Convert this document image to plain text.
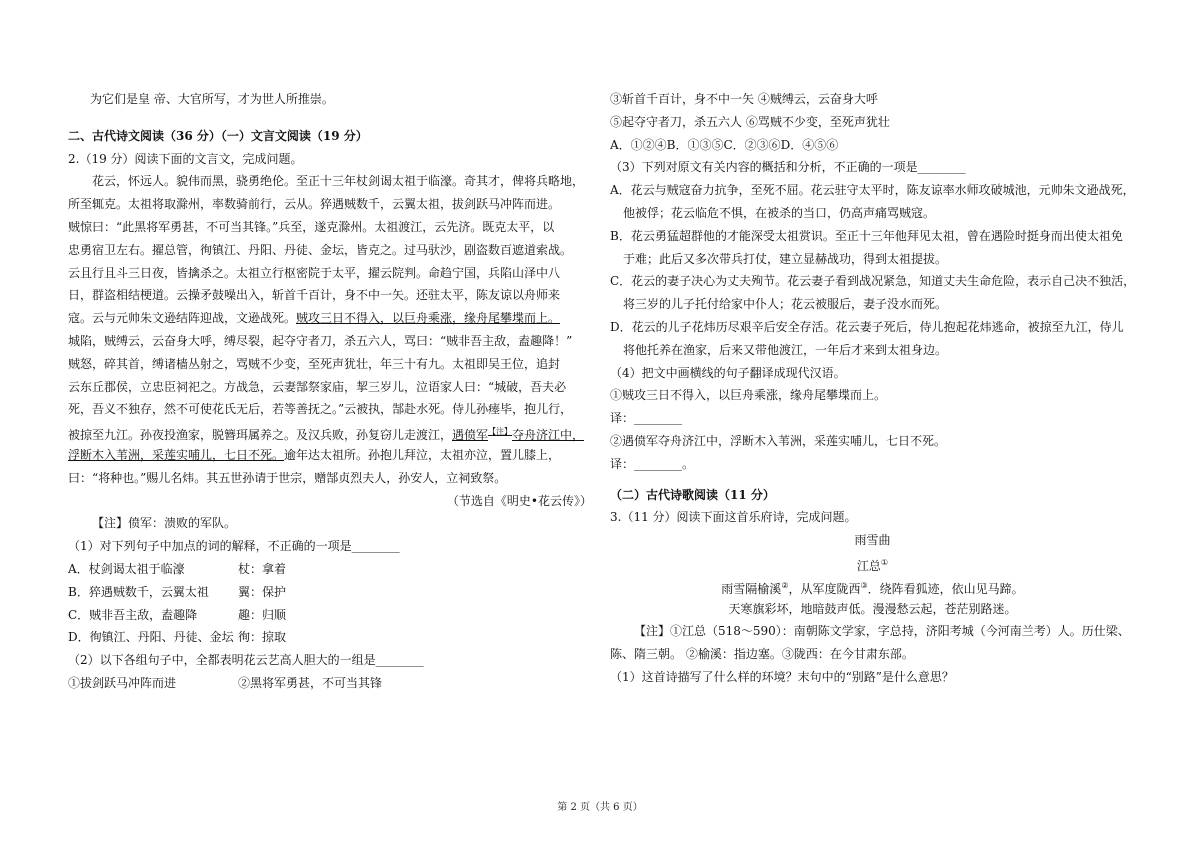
为它们是皇 帝、大官所写，才为世人所推崇。
二、古代诗文阅读（36 分）（一）文言文阅读（19 分）
2.（19 分）阅读下面的文言文，完成问题。
花云，怀远人。貌伟而黑，骁勇绝伦。至正十三年杖剑谒太祖于临濠。奇其才，俾将兵略地，
所至辄克。太祖将取滁州，率数骑前行，云从。猝遇贼数千，云翼太祖，拔剑跃马冲阵而进。
贼惊曰：“此黑将军勇甚，不可当其锋。”兵至，遂克滁州。太祖渡江，云先济。既克太平，以
忠勇宿卫左右。擢总管，徇镇江、丹阳、丹徒、金坛，皆克之。过马驮沙，剧盗数百遮道索战。
云且行且斗三日夜，皆擒杀之。太祖立行枢密院于太平，擢云院判。命趋宁国，兵陷山泽中八
日，群盗相结梗道。云操矛鼓噪出入，斩首千百计，身不中一矢。还驻太平，陈友谅以舟师来
寇。云与元帅朱文逊结阵迎战，文逊战死。贼攻三日不得入，以巨舟乘涨，缘舟尾攀堞而上。
城陷，贼缚云，云奋身大呼，缚尽裂，起夺守者刀，杀五六人，骂曰：“贼非吾主敌，盍趣降！”
贼怒，碎其首，缚诸樯丛射之，骂贼不少变，至死声犹壮，年三十有九。太祖即吴王位，追封
云东丘郡侯，立忠臣祠祀之。方战急，云妻郜祭家庙，挈三岁儿，泣语家人曰：“城破，吾夫必
死，吾义不独存，然不可使花氏无后，若等善抚之。”云被执，郜赴水死。侍儿孙瘗毕，抱儿行，
被掠至九江。孙夜投渔家，脱簪珥属养之。及汉兵败，孙复窃儿走渡江，遇偾军$^{【注】}$夺舟济江中，
浮断木入苇洲，采莲实哺儿，七日不死。逾年达太祖所。孙抱儿拜泣，太祖亦泣，置儿膝上，
曰：“将种也。”赐儿名炜。其五世孙请于世宗，赠郜贞烈夫人，孙安人，立祠致祭。
（节选自《明史•花云传》）
【注】偾军：溃败的军队。
（1）对下列句子中加点的词的解释，不正确的一项是________
A．杖剑谒太祖于临濠	杖：拿着
B．猝遇贼数千，云翼太祖 翼：保护
C．贼非吾主敌，盍趣降	趣：归顺
D．徇镇江、丹阳、丹徒、金坛 徇：掠取
（2）以下各组句子中，全都表明花云艺高人胆大的一组是________
①拔剑跃马冲阵而进	②黑将军勇甚，不可当其锋
③斩首千百计，身不中一矢 ④贼缚云，云奋身大呼
⑤起夺守者刀，杀五六人 ⑥骂贼不少变，至死声犹壮
A．①②④B．①③⑤C．②③⑥D．④⑤⑥
（3）下列对原文有关内容的概括和分析，不正确的一项是________
A．花云与贼寇奋力抗争，至死不屈。花云驻守太平时，陈友谅率水师攻破城池，元帅朱文逊战死，
他被俘；花云临危不惧，在被杀的当口，仍高声痛骂贼寇。
B．花云勇猛超群他的才能深受太祖赏识。至正十三年他拜见太祖，曾在遇险时挺身而出使太祖免
于难；此后又多次带兵打仗，建立显赫战功，得到太祖提拔。
C．花云的妻子决心为丈夫殉节。花云妻子看到战况紧急，知道丈夫生命危险，表示自己决不独活，
将三岁的儿子托付给家中仆人；花云被服后，妻子没水而死。
D．花云的儿子花炜历尽艰辛后安全存活。花云妻子死后，侍儿抱起花炜逃命，被掠至九江，侍儿
将他托养在渔家，后来又带他渡江，一年后才来到太祖身边。
（4）把文中画横线的句子翻译成现代汉语。
①贼攻三日不得入，以巨舟乘涨，缘舟尾攀堞而上。
译：________
②遇偾军夺舟济江中，浮断木入苇洲，采莲实哺儿，七日不死。
译：________。
（二）古代诗歌阅读（11 分）
3.（11 分）阅读下面这首乐府诗，完成问题。
雨雪曲
江总①
雨雪隔榆溪②，从军度陇西③．绕阵看狐迹，依山见马蹄。
天寒旗彩坏，地暗鼓声低。漫漫愁云起，苍茫别路迷。
【注】①江总（518～590）：南朝陈文学家，字总持，济阳考城（今河南兰考）人。历仕梁、
陈、隋三朝。 ②榆溪：指边塞。③陇西：在今甘肃东部。
（1）这首诗描写了什么样的环境？末句中的“别路”是什么意思？
第 2 页（共 6 页）
